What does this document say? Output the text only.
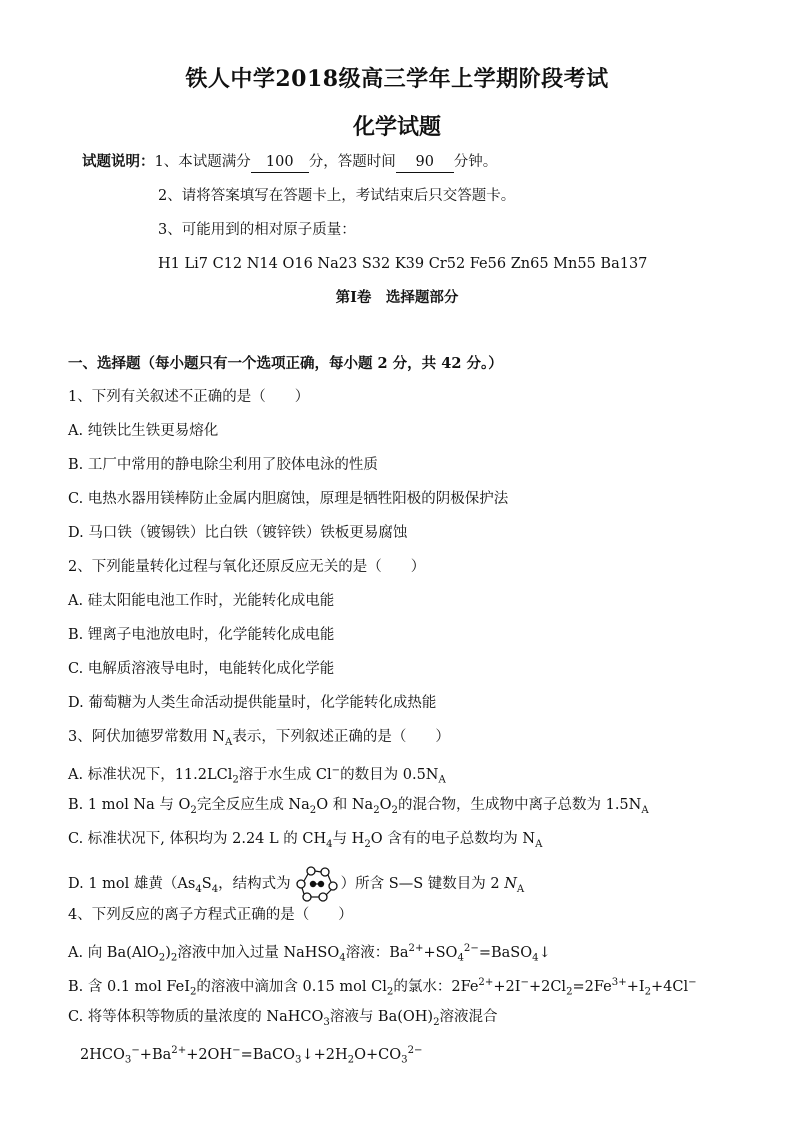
铁人中学2018级高三学年上学期阶段考试
化学试题
试题说明：1、本试题满分 100 分，答题时间 90 分钟。
2、请将答案填写在答题卡上，考试结束后只交答题卡。
3、可能用到的相对原子质量：
H1 Li7 C12 N14 O16 Na23 S32 K39 Cr52 Fe56 Zn65 Mn55 Ba137
第Ⅰ卷　选择题部分
一、选择题（每小题只有一个选项正确，每小题 2 分，共 42 分。）
1、下列有关叙述不正确的是（　　）
A. 纯铁比生铁更易熔化
B. 工厂中常用的静电除尘利用了胶体电泳的性质
C. 电热水器用镁棒防止金属内胆腐蚀，原理是牺牲阳极的阴极保护法
D. 马口铁（镀锡铁）比白铁（镀锌铁）铁板更易腐蚀
2、下列能量转化过程与氧化还原反应无关的是（　　）
A. 硅太阳能电池工作时，光能转化成电能
B. 锂离子电池放电时，化学能转化成电能
C. 电解质溶液导电时，电能转化成化学能
D. 葡萄糖为人类生命活动提供能量时，化学能转化成热能
3、阿伏加德罗常数用 $N_A$表示，下列叙述正确的是（　　）
A. 标准状况下，11.2LCl$_2$溶于水生成 Cl−的数目为 $0.5N_A$
B. 1 mol Na 与 $O_2$完全反应生成 $Na_2O$ 和 $Na_2O_2$的混合物，生成物中离子总数为 $1.5N_A$
C. 标准状况下, 体积均为 2.24 L 的 $CH_4$与 $H_2O$ 含有的电子总数均为 $N_A$
D. 1 mol 雄黄（$As_4S_4$，结构式为	）所含 S—S 键数目为 2 $N_A$
4、下列反应的离子方程式正确的是（　　）
A. 向 $Ba(AlO_2)_2$溶液中加入过量 NaHSO$_4$溶液：$Ba^{2+}+SO_4^{2-}=BaSO_4↓$
B. 含 0.1 mol FeI$_2$的溶液中滴加含 0.15 mol $Cl_2$的氯水：$2Fe^{2+}+2I^-+2Cl_2=2Fe^{3+}+I_2+4Cl^-$
C. 将等体积等物质的量浓度的 NaHCO$_3$溶液与 $Ba(OH)_2$溶液混合
$2HCO_3^-+Ba^{2+}+2OH^-=BaCO_3↓+2H_2O+CO_3^{2-}$
